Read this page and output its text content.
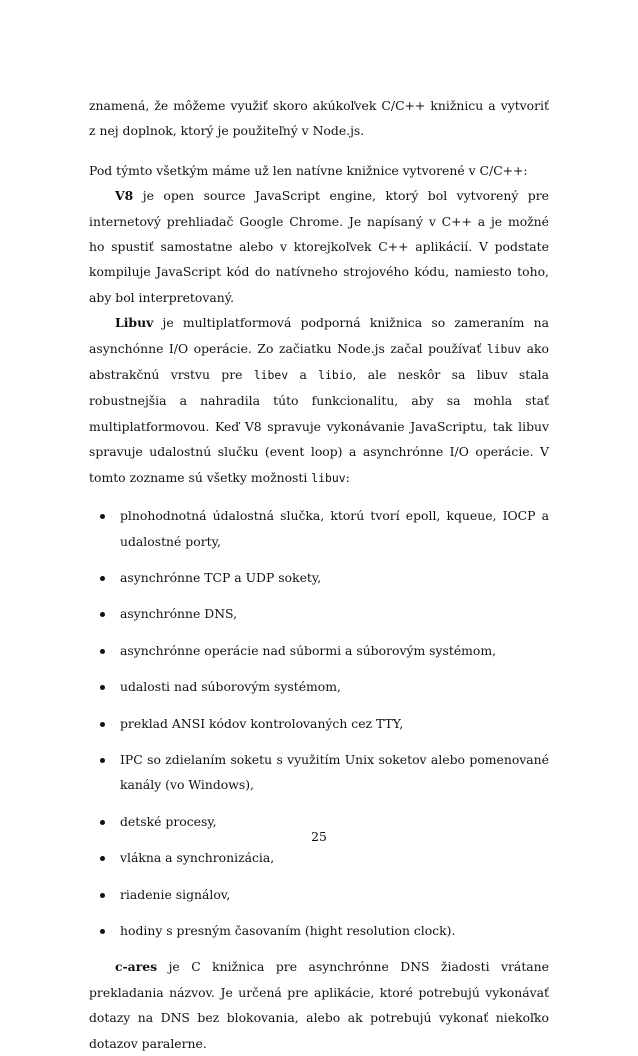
znamená, že môžeme využiť skoro akúkoľvek C/C++ knižnicu a vytvoriť z nej doplnok, ktorý je použiteľný v Node.js.

Pod týmto všetkým máme už len natívne knižnice vytvorené v C/C++:

V8 je open source JavaScript engine, ktorý bol vytvorený pre internetový prehliadač Google Chrome. Je napísaný v C++ a je možné ho spustiť samostatne alebo v ktorejkoľvek C++ aplikácií. V podstate kompiluje JavaScript kód do natívneho strojového kódu, namiesto toho, aby bol interpretovaný.

Libuv je multiplatformová podporná knižnica so zameraním na asynchónne I/O operácie. Zo začiatku Node.js začal používať libuv ako abstrakčnú vrstvu pre libev a libio, ale neskôr sa libuv stala robustnejšia a nahradila túto funkcionalitu, aby sa mohla stať multiplatformovou. Keď V8 spravuje vykonávanie JavaScriptu, tak libuv spravuje udalostnú slučku (event loop) a asynchrónne I/O operácie. V tomto zozname sú všetky možnosti libuv:

plnohodnotná údalostná slučka, ktorú tvorí epoll, kqueue, IOCP a udalostné porty,
asynchrónne TCP a UDP sokety,
asynchrónne DNS,
asynchrónne operácie nad súbormi a súborovým systémom,
udalosti nad súborovým systémom,
preklad ANSI kódov kontrolovaných cez TTY,
IPC so zdielaním soketu s využitím Unix soketov alebo pomenované kanály (vo Windows),
detské procesy,
vlákna a synchronizácia,
riadenie signálov,
hodiny s presným časovaním (hight resolution clock).

c-ares je C knižnica pre asynchrónne DNS žiadosti vrátane prekladania názvov. Je určená pre aplikácie, ktoré potrebujú vykonávať dotazy na DNS bez blokovania, alebo ak potrebujú vykonať niekoľko dotazov paralerne.

25
